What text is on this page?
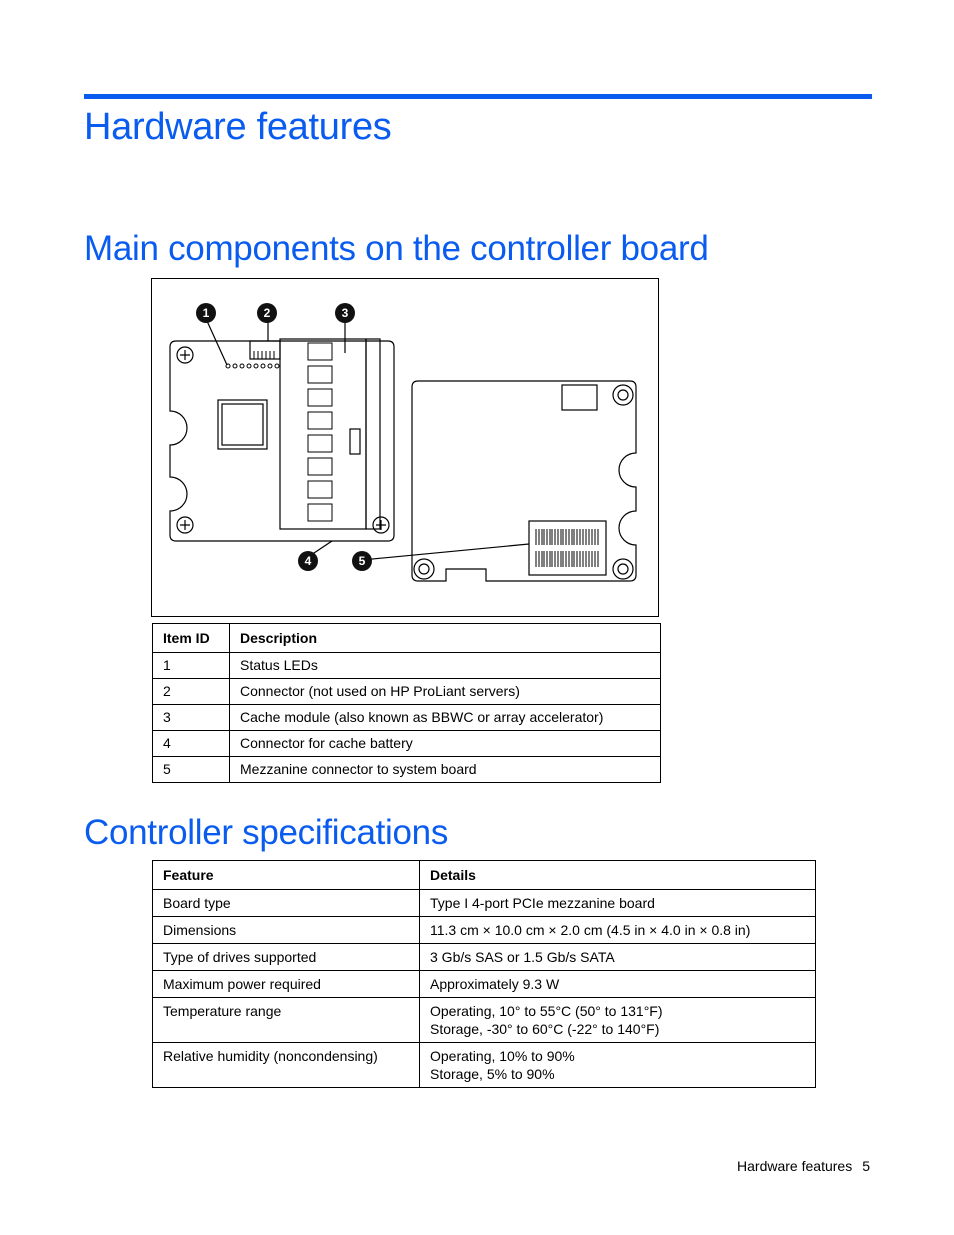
Hardware features
Main components on the controller board
1	2	3
4	5
Item ID	Description
1	Status LEDs
2	Connector (not used on HP ProLiant servers)
3	Cache module (also known as BBWC or array accelerator)
4	Connector for cache battery
5	Mezzanine connector to system board
Controller specifications
Feature	Details
Board type	Type I 4-port PCIe mezzanine board

Dimensions	11.3 cm × 10.0 cm × 2.0 cm (4.5 in × 4.0 in × 0.8 in)

Type of drives supported	3 Gb/s SAS or 1.5 Gb/s SATA

Maximum power required	Approximately 9.3 W

Temperature range	Operating, 10° to 55°C (50° to 131°F)
Storage, -30° to 60°C (-22° to 140°F)

Relative humidity (noncondensing)	Operating, 10% to 90%
Storage, 5% to 90%
Hardware features 5
